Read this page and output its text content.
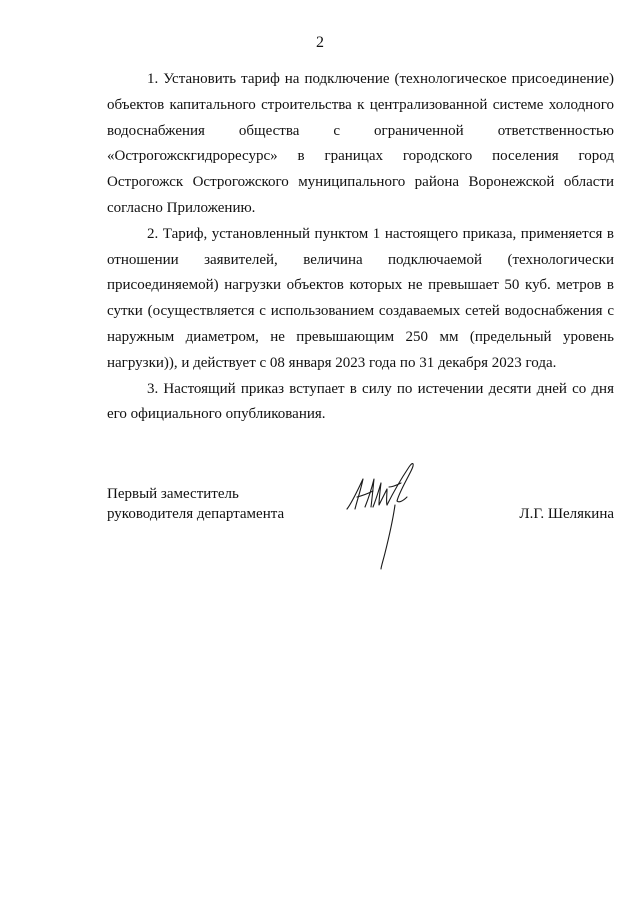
2

1. Установить тариф на подключение (технологическое присоединение)
объектов капитального строительства к централизованной системе холодного
водоснабжения общества с ограниченной ответственностью
«Острогожскгидроресурс» в границах городского поселения город
Острогожск Острогожского муниципального района Воронежской области
согласно Приложению.

2. Тариф, установленный пунктом 1 настоящего приказа, применяется в
отношении заявителей, величина подключаемой (технологически
присоединяемой) нагрузки объектов которых не превышает 50 куб. метров в
сутки (осуществляется с использованием создаваемых сетей водоснабжения с
наружным диаметром, не превышающим 250 мм (предельный уровень
нагрузки)), и действует с 08 января 2023 года по 31 декабря 2023 года.

3. Настоящий приказ вступает в силу по истечении десяти дней со дня
его официального опубликования.

Первый заместитель
руководителя департамента	Л.Г. Шелякина
